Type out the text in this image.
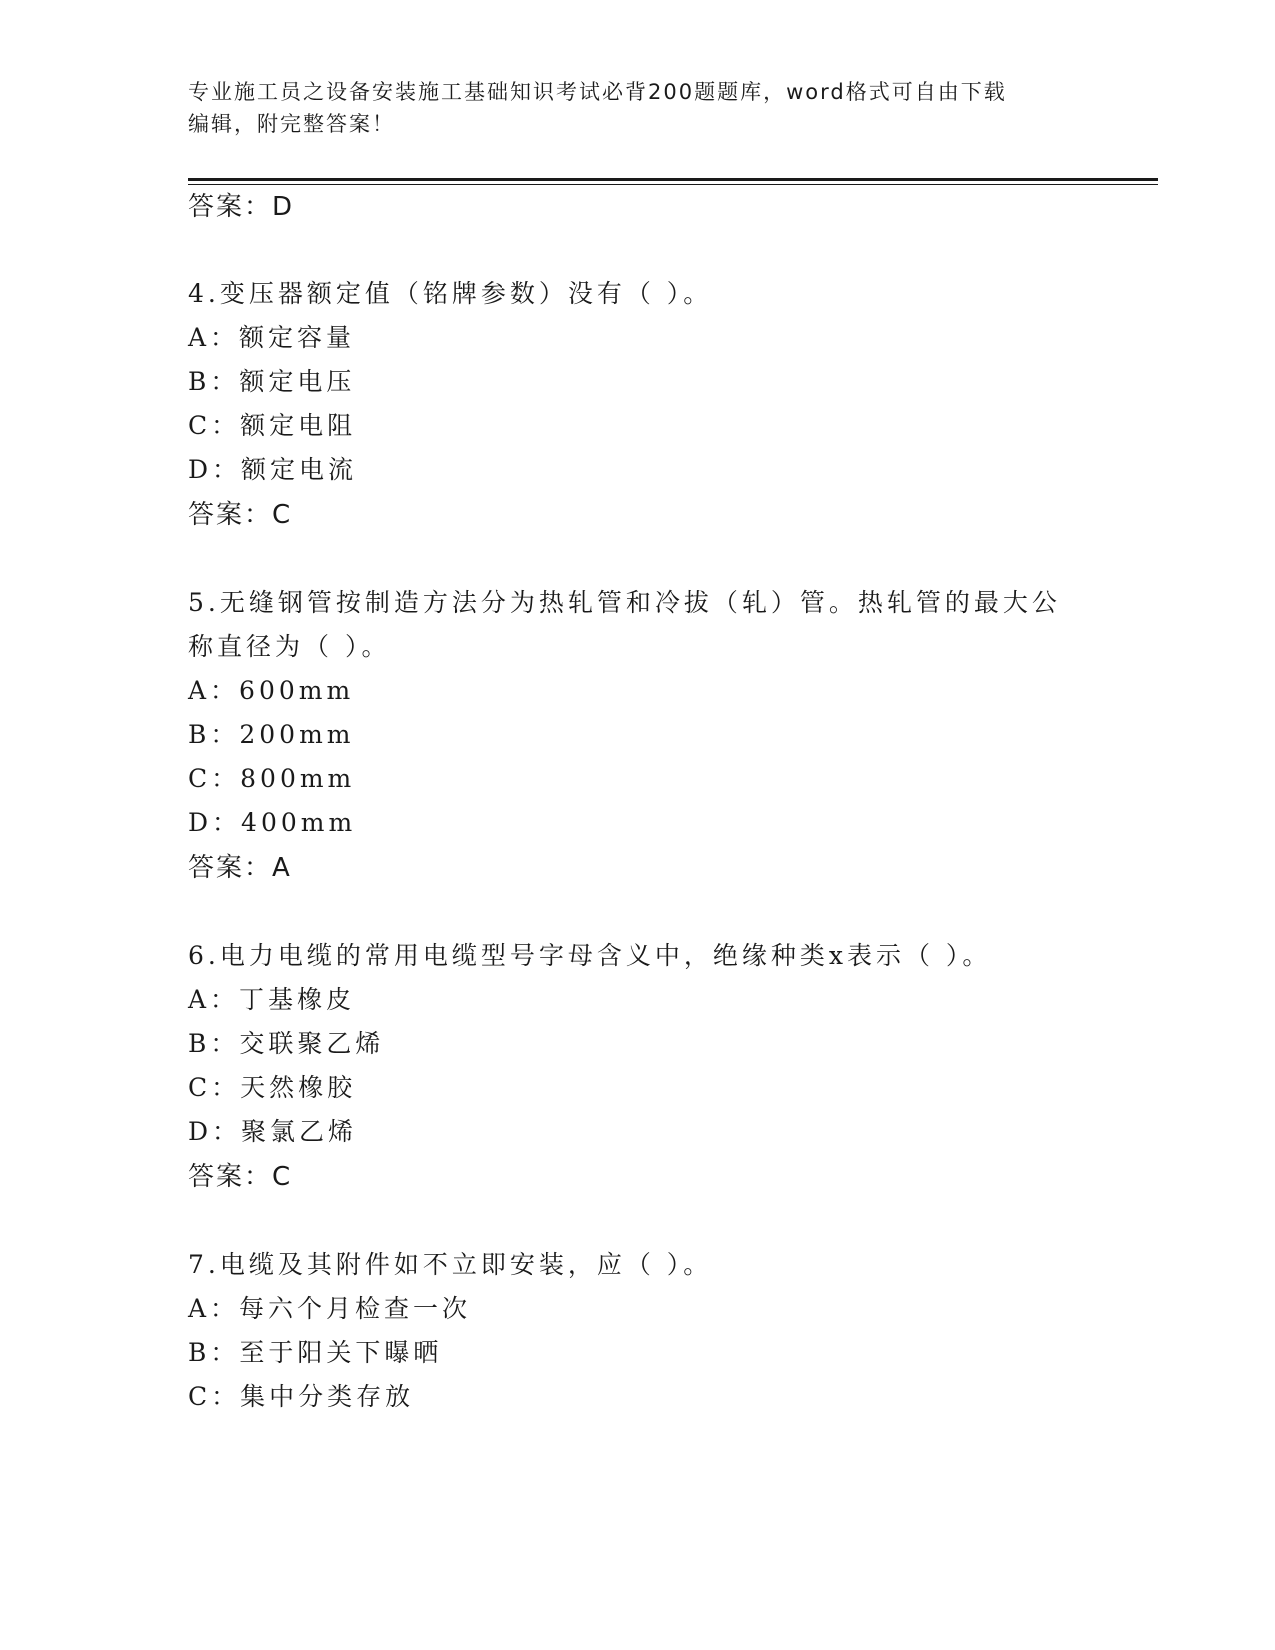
专业施工员之设备安装施工基础知识考试必背200题题库，word格式可自由下载
编辑，附完整答案！
答案：D
4.变压器额定值（铭牌参数）没有（ ）。
A：额定容量
B：额定电压
C：额定电阻
D：额定电流
答案：C
5.无缝钢管按制造方法分为热轧管和冷拔（轧）管。热轧管的最大公
称直径为（ ）。
A：600mm
B：200mm
C：800mm
D：400mm
答案：A
6.电力电缆的常用电缆型号字母含义中，绝缘种类x表示（ ）。
A：丁基橡皮
B：交联聚乙烯
C：天然橡胶
D：聚氯乙烯
答案：C
7.电缆及其附件如不立即安装，应（ ）。
A：每六个月检查一次
B：至于阳关下曝晒
C：集中分类存放
